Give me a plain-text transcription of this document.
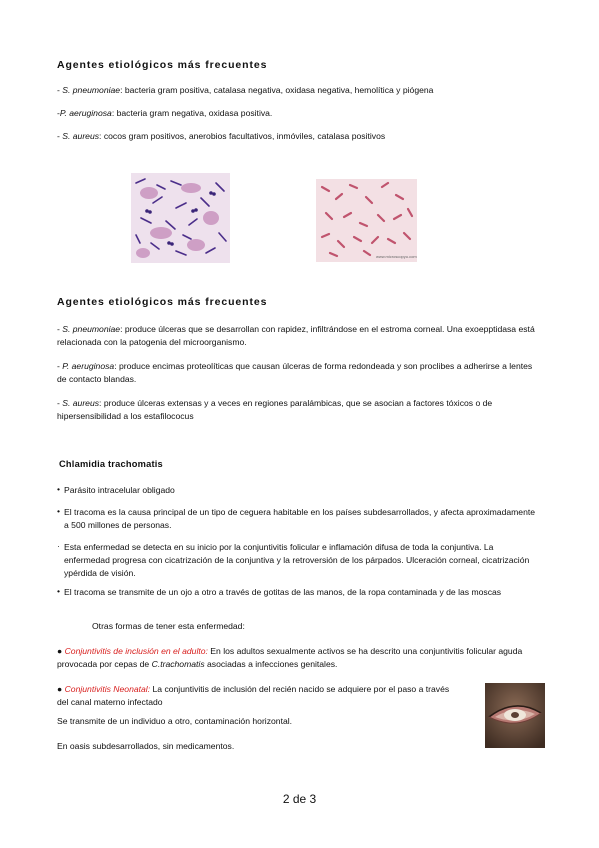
Agentes etiológicos más frecuentes

- S. pneumoniae: bacteria gram positiva, catalasa negativa, oxidasa negativa, hemolítica y piógena

-P. aeruginosa: bacteria gram negativa, oxidasa positiva.

- S. aureus: cocos gram positivos, anerobios facultativos, inmóviles, catalasa positivos

www.microscopyu.com
Agentes etiológicos más frecuentes

- S. pneumoniae: produce úlceras que se desarrollan con rapidez, infiltrándose en el estroma corneal. Una exoepptidasa está relacionada con la patogenia del microorganismo.

- P. aeruginosa: produce encimas proteolíticas que causan úlceras de forma redondeada y son proclibes a adherirse a lentes de contacto blandas.

- S. aureus: produce úlceras extensas y a veces en regiones paralámbicas, que se asocian a factores tóxicos o de hipersensibilidad a los estafilococus

Chlamidia trachomatis
• Parásito intracelular obligado

• El tracoma es la causa principal de un tipo de ceguera habitable en los países subdesarrollados, y afecta aproximadamente a 500 millones de personas.

· Esta enfermedad se detecta en su inicio por la conjuntivitis folicular e inflamación difusa de toda la conjuntiva. La enfermedad progresa con cicatrización de la conjuntiva y la retroversión de los párpados. Ulceración corneal, cicatrización ypérdida de visión.

• El tracoma se transmite de un ojo a otro a través de gotitas de las manos, de la ropa contaminada y de las moscas

Otras formas de tener esta enfermedad:

● Conjuntivitis de inclusión en el adulto: En los adultos sexualmente activos se ha descrito una conjuntivitis folicular aguda provocada por cepas de C.trachomatis asociadas a infecciones genitales.

● Conjuntivitis Neonatal: La conjuntivitis de inclusión del recién nacido se adquiere por el paso a través del canal materno infectado

Se transmite de un individuo a otro, contaminación horizontal.
En oasis subdesarrollados, sin medicamentos.
2 de 3
